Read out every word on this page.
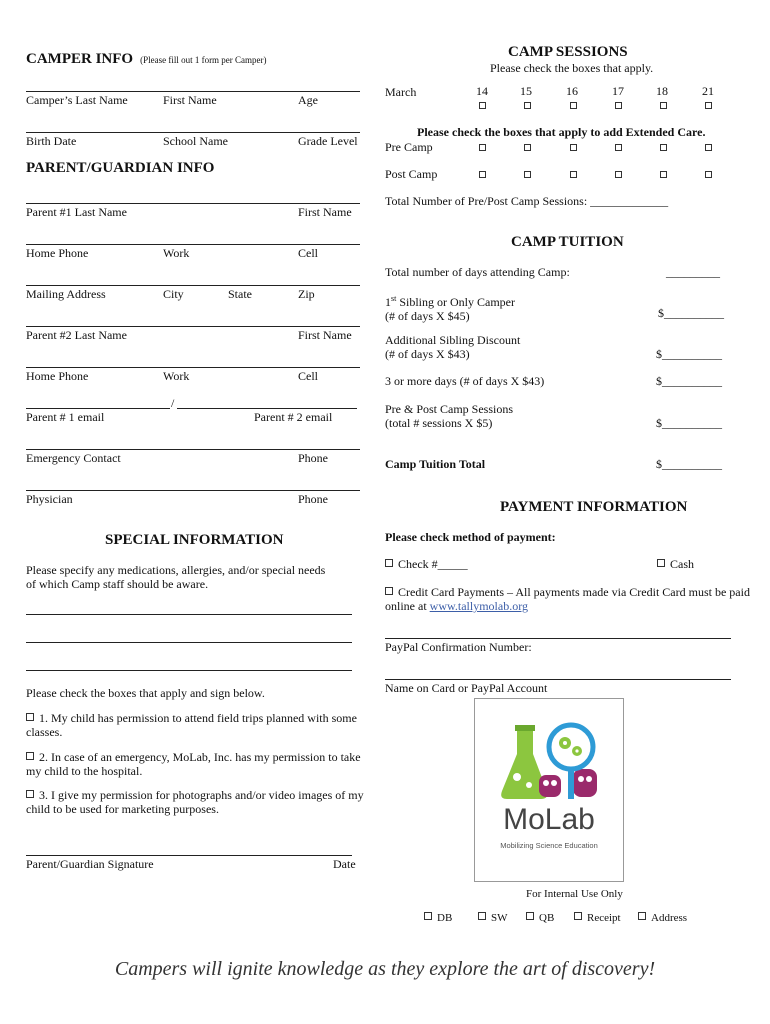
CAMPER INFO (Please fill out 1 form per Camper)
Camper’s Last Name	First Name	Age
Birth Date	School Name	Grade Level
PARENT/GUARDIAN INFO
Parent #1 Last Name	First Name
Home Phone	Work	Cell
Mailing Address	City	State	Zip
Parent #2 Last Name	First Name
Home Phone	Work	Cell
/
Parent # 1 email	Parent # 2 email
Emergency Contact	Phone
Physician	Phone
SPECIAL INFORMATION
Please specify any medications, allergies, and/or special needs of which Camp staff should be aware.
Please check the boxes that apply and sign below.
1. My child has permission to attend field trips planned with some classes.
2. In case of an emergency, MoLab, Inc. has my permission to take my child to the hospital.
3. I give my permission for photographs and/or video images of my child to be used for marketing purposes.
Parent/Guardian Signature	Date
CAMP SESSIONS
Please check the boxes that apply.
March	14	15	16	17	18	21
Please check the boxes that apply to add Extended Care.
Pre Camp
Post Camp
Total Number of Pre/Post Camp Sessions: _____________
CAMP TUITION
Total number of days attending Camp:	_________
1st Sibling or Only Camper
(# of days X $45)	$__________
Additional Sibling Discount
(# of days X $43)	$__________
3 or more days (# of days X $43)	$__________
Pre & Post Camp Sessions
(total # sessions X $5)	$__________
Camp Tuition Total	$__________
PAYMENT INFORMATION
Please check method of payment:
Check #_____	Cash
Credit Card Payments – All payments made via Credit Card must be paid online at www.tallymolab.org
PayPal Confirmation Number:
Name on Card or PayPal Account
MoLab
Mobilizing Science Education
For Internal Use Only
DB	SW	QB	Receipt	Address
Campers will ignite knowledge as they explore the art of discovery!
